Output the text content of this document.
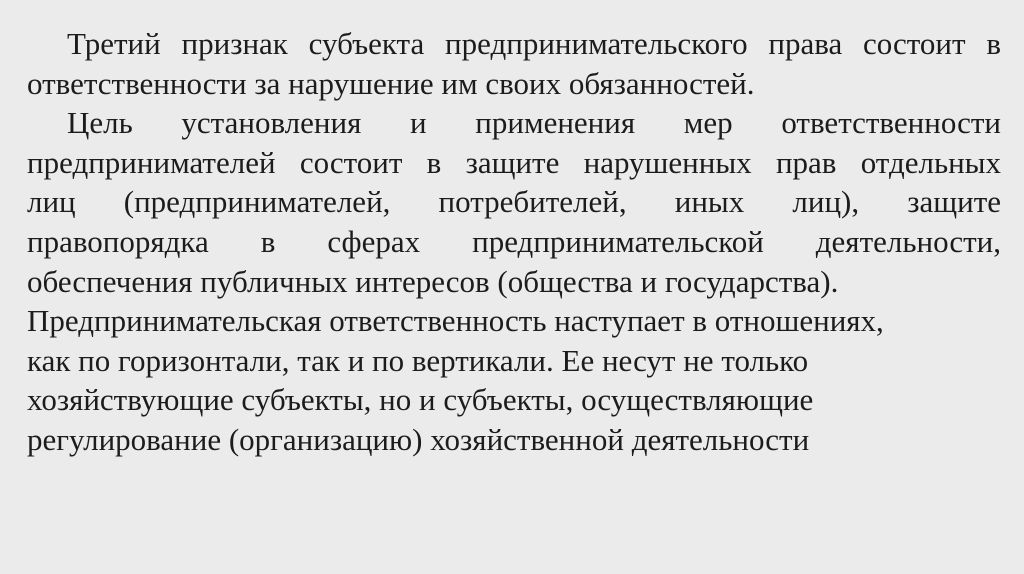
Третий признак субъекта предпринимательского права состоит в
ответственности за нарушение им своих обязанностей.
Цель установления и применения мер ответственности
предпринимателей состоит в защите нарушенных прав отдельных
лиц (предпринимателей, потребителей, иных лиц), защите
правопорядка в сферах предпринимательской деятельности,
обеспечения публичных интересов (общества и государства).
Предпринимательская ответственность наступает в отношениях,
как по горизонтали, так и по вертикали. Ее несут не только
хозяйствующие субъекты, но и субъекты, осуществляющие
регулирование (организацию) хозяйственной деятельности
